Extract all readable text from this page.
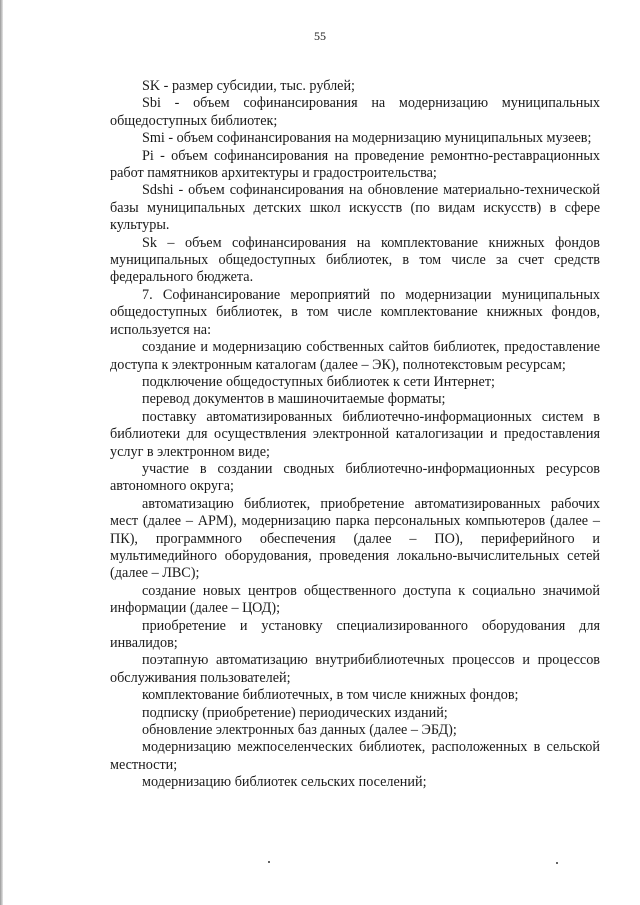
55

SK - размер субсидии, тыс. рублей;

Sbi - объем софинансирования на модернизацию муниципальных общедоступных библиотек;

Smi - объем софинансирования на модернизацию муниципальных музеев;

Pi - объем софинансирования на проведение ремонтно-реставрационных работ памятников архитектуры и градостроительства;

Sdshi - объем софинансирования на обновление материально-технической базы муниципальных детских школ искусств (по видам искусств) в сфере культуры.

Sk – объем софинансирования на комплектование книжных фондов муниципальных общедоступных библиотек, в том числе за счет средств федерального бюджета.

7. Софинансирование мероприятий по модернизации муниципальных общедоступных библиотек, в том числе комплектование книжных фондов, используется на:

создание и модернизацию собственных сайтов библиотек, предоставление доступа к электронным каталогам (далее – ЭК), полнотекстовым ресурсам;

подключение общедоступных библиотек к сети Интернет;

перевод документов в машиночитаемые форматы;

поставку автоматизированных библиотечно-информационных систем в библиотеки для осуществления электронной каталогизации и предоставления услуг в электронном виде;

участие в создании сводных библиотечно-информационных ресурсов автономного округа;

автоматизацию библиотек, приобретение автоматизированных рабочих мест (далее – АРМ), модернизацию парка персональных компьютеров (далее – ПК), программного обеспечения (далее – ПО), периферийного и мультимедийного оборудования, проведения локально-вычислительных сетей (далее – ЛВС);

создание новых центров общественного доступа к социально значимой информации (далее – ЦОД);

приобретение и установку специализированного оборудования для инвалидов;

поэтапную автоматизацию внутрибиблиотечных процессов и процессов обслуживания пользователей;

комплектование библиотечных, в том числе книжных фондов;

подписку (приобретение) периодических изданий;

обновление электронных баз данных (далее – ЭБД);

модернизацию межпоселенческих библиотек, расположенных в сельской местности;

модернизацию библиотек сельских поселений;
